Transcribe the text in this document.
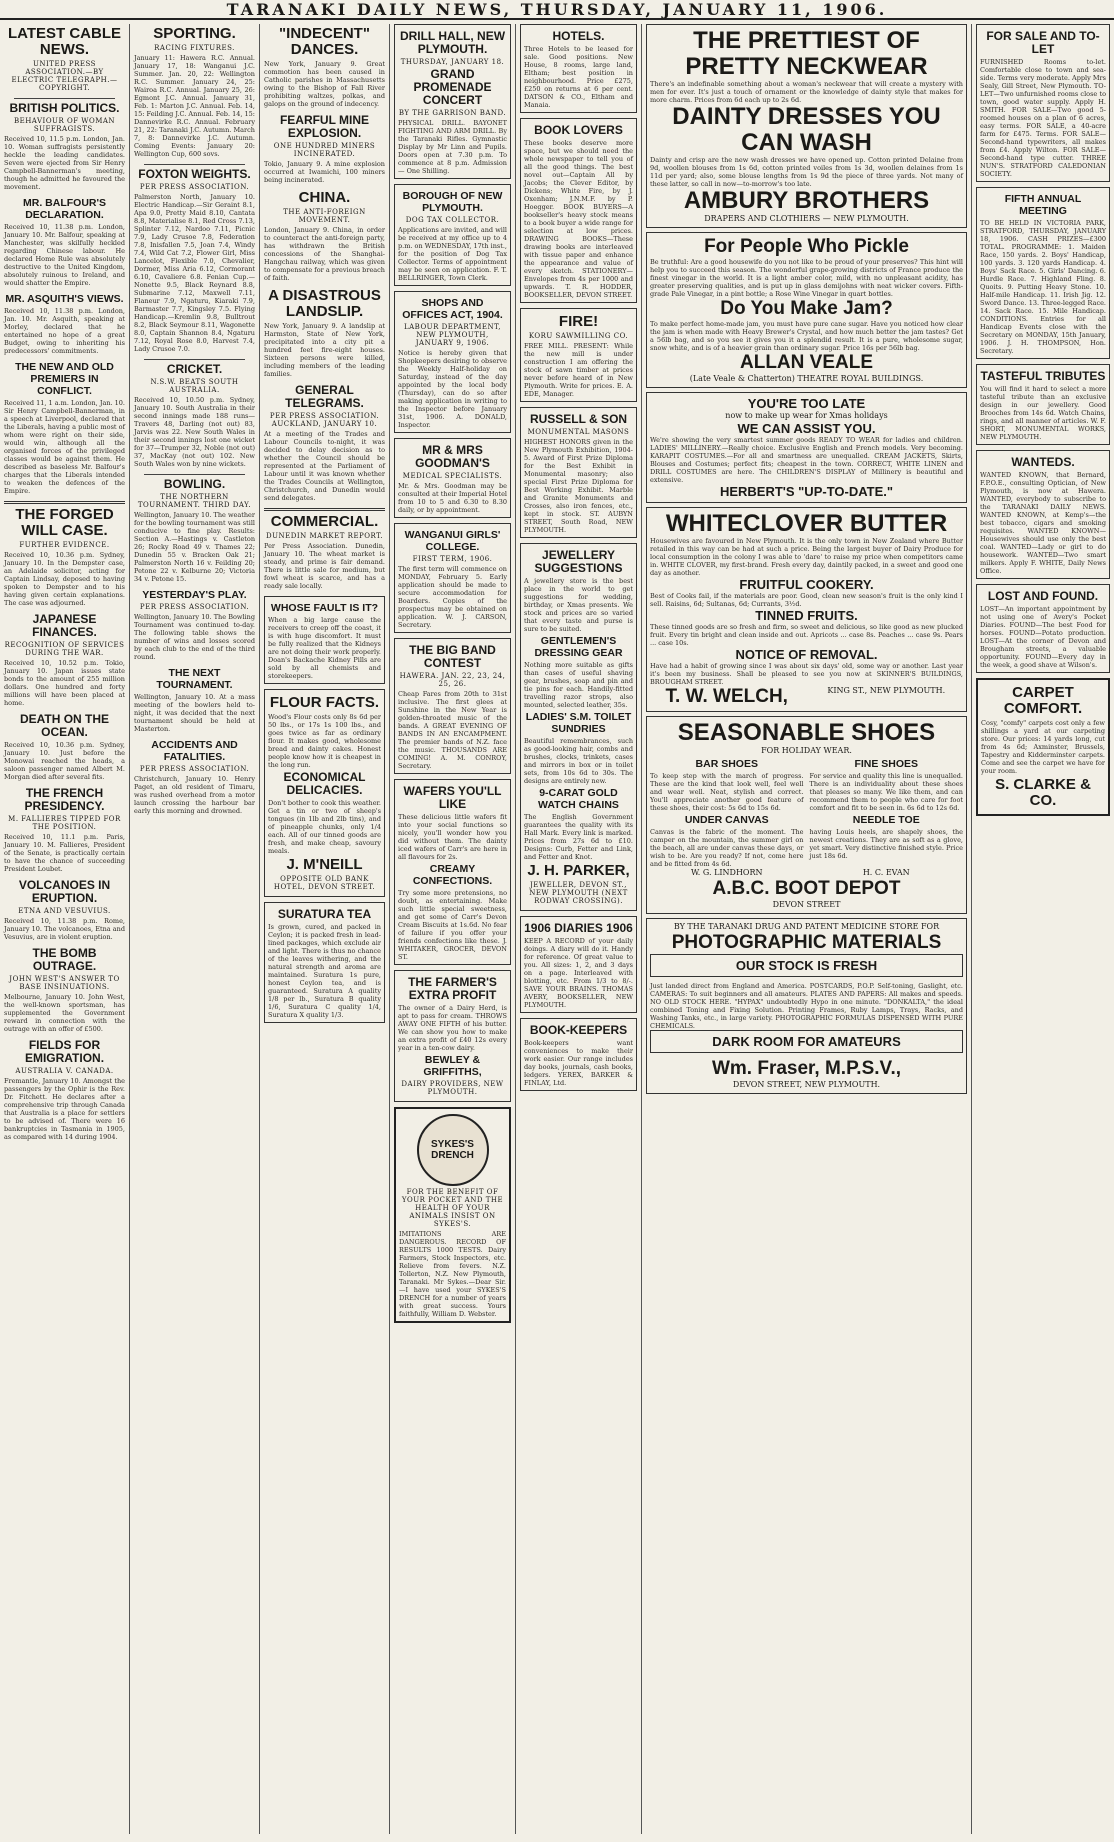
TARANAKI DAILY NEWS, THURSDAY, JANUARY 11, 1906.
LATEST CABLE NEWS.
UNITED PRESS ASSOCIATION.—BY ELECTRIC TELEGRAPH.—COPYRIGHT.
BRITISH POLITICS.
BEHAVIOUR OF WOMAN SUFFRAGISTS.
Received 10, 11.5 p.m. London, Jan. 10. Woman suffragists persistently heckle the leading candidates. Seven were ejected from Sir Henry Campbell-Bannerman's meeting, though he admitted he favoured the movement.
MR. BALFOUR'S DECLARATION.
Received 10, 11.38 p.m. London, January 10. Mr. Balfour, speaking at Manchester, was skilfully heckled regarding Chinese labour. He declared Home Rule was absolutely destructive to the United Kingdom, absolutely ruinous to Ireland, and would shatter the Empire.
MR. ASQUITH'S VIEWS.
Received 10, 11.38 p.m. London, Jan. 10. Mr. Asquith, speaking at Morley, declared that he entertained no hope of a great Budget, owing to inheriting his predecessors' commitments.
THE NEW AND OLD PREMIERS IN CONFLICT.
Received 11, 1 a.m. London, Jan. 10. Sir Henry Campbell-Bannerman, in a speech at Liverpool, declared that the Liberals, having a public most of whom were right on their side, would win, although all the organised forces of the privileged classes would be against them. He described as baseless Mr. Balfour's charges that the Liberals intended to weaken the defences of the Empire.
THE FORGED WILL CASE.
FURTHER EVIDENCE.
Received 10, 10.36 p.m. Sydney, January 10. In the Dempster case, an Adelaide solicitor, acting for Captain Lindsay, deposed to having spoken to Dempster and to his having given certain explanations. The case was adjourned.
JAPANESE FINANCES.
RECOGNITION OF SERVICES DURING THE WAR.
Received 10, 10.52 p.m. Tokio, January 10. Japan issues state bonds to the amount of 255 million dollars. One hundred and forty millions will have been placed at home.
DEATH ON THE OCEAN.
Received 10, 10.36 p.m. Sydney, January 10. Just before the Monowai reached the heads, a saloon passenger named Albert M. Morgan died after several fits.
THE FRENCH PRESIDENCY.
M. FALLIERES TIPPED FOR THE POSITION.
Received 10, 11.1 p.m. Paris, January 10. M. Fallieres, President of the Senate, is practically certain to have the chance of succeeding President Loubet.
VOLCANOES IN ERUPTION.
ETNA AND VESUVIUS.
Received 10, 11.38 p.m. Rome, January 10. The volcanoes, Etna and Vesuvius, are in violent eruption.
THE BOMB OUTRAGE.
JOHN WEST'S ANSWER TO BASE INSINUATIONS.
Melbourne, January 10. John West, the well-known sportsman, has supplemented the Government reward in connection with the outrage with an offer of £500.
FIELDS FOR EMIGRATION.
AUSTRALIA V. CANADA.
Fremantle, January 10. Amongst the passengers by the Ophir is the Rev. Dr. Fitchett. He declares after a comprehensive trip through Canada that Australia is a place for settlers to be advised of. There were 16 bankruptcies in Tasmania in 1905, as compared with 14 during 1904.
SPORTING.
RACING FIXTURES.
January 11: Hawera R.C. Annual. January 17, 18: Wanganui J.C. Summer. Jan. 20, 22: Wellington R.C. Summer. January 24, 25: Wairoa R.C. Annual. January 25, 26: Egmont J.C. Annual. January 31, Feb. 1: Marton J.C. Annual. Feb. 14, 15: Feilding J.C. Annual. Feb. 14, 15: Dannevirke R.C. Annual. February 21, 22: Taranaki J.C. Autumn. March 7, 8: Dannevirke J.C. Autumn. Coming Events: January 20: Wellington Cup, 600 sovs.
FOXTON WEIGHTS.
PER PRESS ASSOCIATION.
Palmerston North, January 10. Electric Handicap.—Sir Geraint 8.1, Apa 9.0, Pretty Maid 8.10, Cantata 8.8, Materialise 8.1, Red Cross 7.13, Splinter 7.12, Nardoo 7.11, Picnic 7.9, Lady Crusoe 7.8, Federation 7.8, Inisfallen 7.5, Joan 7.4, Windy 7.4, Wild Cat 7.2, Flower Girl, Miss Lancelot, Flexible 7.0, Chevalier, Dormer, Miss Aria 6.12, Cormorant 6.10, Cavaliere 6.8. Fenian Cup.—Nonette 9.5, Black Reynard 8.8, Submarine 7.12, Maxwell 7.11, Flaneur 7.9, Ngaturu, Kiaraki 7.9, Barmaster 7.7, Kingsley 7.5. Flying Handicap.—Kremlin 9.8, Bulltrout 8.2, Black Seymour 8.11, Wagonette 8.0, Captain Shannon 8.4, Ngaturu 7.12, Royal Rose 8.0, Harvest 7.4, Lady Crusoe 7.0.
CRICKET.
N.S.W. BEATS SOUTH AUSTRALIA.
Received 10, 10.50 p.m. Sydney, January 10. South Australia in their second innings made 188 runs—Travers 48, Darling (not out) 83, Jarvis was 22. New South Wales in their second innings lost one wicket for 37—Trumper 32, Noble (not out) 37, MacKay (not out) 102. New South Wales won by nine wickets.
BOWLING.
THE NORTHERN TOURNAMENT. THIRD DAY.
Wellington, January 10. The weather for the bowling tournament was still conducive to fine play. Results: Section A.—Hastings v. Castleton 26; Rocky Road 49 v. Thames 22; Dunedin 55 v. Bracken Oak 21; Palmerston North 16 v. Feilding 20; Petone 22 v. Kelburne 20; Victoria 34 v. Petone 15.
YESTERDAY'S PLAY.
PER PRESS ASSOCIATION.
Wellington, January 10. The Bowling Tournament was continued to-day. The following table shows the number of wins and losses scored by each club to the end of the third round.
THE NEXT TOURNAMENT.
Wellington, January 10. At a mass meeting of the bowlers held to-night, it was decided that the next tournament should be held at Masterton.
ACCIDENTS AND FATALITIES.
PER PRESS ASSOCIATION.
Christchurch, January 10. Henry Paget, an old resident of Timaru, was rushed overhead from a motor launch crossing the harbour bar early this morning and drowned.
"INDECENT" DANCES.
New York, January 9. Great commotion has been caused in Catholic parishes in Massachusetts owing to the Bishop of Fall River prohibiting waltzes, polkas, and galops on the ground of indecency.
FEARFUL MINE EXPLOSION.
ONE HUNDRED MINERS INCINERATED.
Tokio, January 9. A mine explosion occurred at Iwamichi, 100 miners being incinerated.
CHINA.
THE ANTI-FOREIGN MOVEMENT.
London, January 9. China, in order to counteract the anti-foreign party, has withdrawn the British concessions of the Shanghai-Hangchau railway, which was given to compensate for a previous breach of faith.
A DISASTROUS LANDSLIP.
New York, January 9. A landslip at Harmston, State of New York, precipitated into a city pit a hundred feet fire-eight houses. Sixteen persons were killed, including members of the leading families.
GENERAL TELEGRAMS.
PER PRESS ASSOCIATION. AUCKLAND, JANUARY 10.
At a meeting of the Trades and Labour Councils to-night, it was decided to delay decision as to whether the Council should be represented at the Parliament of Labour until it was known whether the Trades Councils at Wellington, Christchurch, and Dunedin would send delegates.
COMMERCIAL.
DUNEDIN MARKET REPORT.
Per Press Association. Dunedin, January 10. The wheat market is steady, and prime is fair demand. There is little sale for medium, but fowl wheat is scarce, and has a ready sale locally.
WHOSE FAULT IS IT?
When a big large cause the receivers to creep off the coast, it is with huge discomfort. It must be fully realized that the Kidneys are not doing their work properly. Doan's Backache Kidney Pills are sold by all chemists and storekeepers.
FLOUR FACTS.
Wood's Flour costs only 8s 6d per 50 lbs., or 17s 1s 100 lbs., and goes twice as far as ordinary flour. It makes good, wholesome bread and dainty cakes. Honest people know how it is cheapest in the long run.
ECONOMICAL DELICACIES.
Don't bother to cook this weather. Get a tin or two of sheep's tongues (in 1lb and 2lb tins), and of pineapple chunks, only 1/4 each. All of our tinned goods are fresh, and make cheap, savoury meals.
J. M'NEILL
OPPOSITE OLD BANK HOTEL, DEVON STREET.
SURATURA TEA
Is grown, cured, and packed in Ceylon; it is packed fresh in lead-lined packages, which exclude air and light. There is thus no chance of the leaves withering, and the natural strength and aroma are maintained. Suratura 1s pure, honest Ceylon tea, and is guaranteed. Suratura A quality 1/8 per lb., Suratura B quality 1/6, Suratura C quality 1/4, Suratura X quality 1/3.
DRILL HALL, NEW PLYMOUTH.
THURSDAY, JANUARY 18.
GRAND PROMENADE CONCERT
BY THE GARRISON BAND.
PHYSICAL DRILL. BAYONET FIGHTING AND ARM DRILL. By the Taranaki Rifles. Gymnastic Display by Mr Linn and Pupils. Doors open at 7.30 p.m. To commence at 8 p.m. Admission — One Shilling.
BOROUGH OF NEW PLYMOUTH.
DOG TAX COLLECTOR.
Applications are invited, and will be received at my office up to 4 p.m. on WEDNESDAY, 17th inst., for the position of Dog Tax Collector. Terms of appointment may be seen on application. F. T. BELLRINGER, Town Clerk.
SHOPS AND OFFICES ACT, 1904.
LABOUR DEPARTMENT, NEW PLYMOUTH, JANUARY 9, 1906.
Notice is hereby given that Shopkeepers desiring to observe the Weekly Half-holiday on Saturday, instead of the day appointed by the local body (Thursday), can do so after making application in writing to the Inspector before January 31st, 1906. A. DONALD, Inspector.
MR & MRS GOODMAN'S
MEDICAL SPECIALISTS.
Mr. & Mrs. Goodman may be consulted at their Imperial Hotel from 10 to 5 and 6.30 to 8.30 daily, or by appointment.
WANGANUI GIRLS' COLLEGE.
FIRST TERM, 1906.
The first term will commence on MONDAY, February 5. Early application should be made to secure accommodation for Boarders. Copies of the prospectus may be obtained on application. W. J. CARSON, Secretary.
THE BIG BAND CONTEST
HAWERA. JAN. 22, 23, 24, 25, 26.
Cheap Fares from 20th to 31st inclusive. The first glees at Sunshine in the New Year is golden-throated music of the bands. A GREAT EVENING OF BANDS IN AN ENCAMPMENT. The premier bands of N.Z. face the music. THOUSANDS ARE COMING! A. M. CONROY, Secretary.
WAFERS YOU'LL LIKE
These delicious little wafers fit into your social functions so nicely, you'll wonder how you did without them. The dainty iced wafers of Carr's are here in all flavours for 2s.
CREAMY CONFECTIONS.
Try some more pretensions, no doubt, as entertaining. Make such little special sweetness, and get some of Carr's Devon Cream Biscuits at 1s.6d. No fear of failure if you offer your friends confections like these. J. WHITAKER, GROCER, DEVON ST.
THE FARMER'S EXTRA PROFIT
The owner of a Dairy Herd, is apt to pass for cream. THROWS AWAY ONE FIFTH of his butter. We can show you how to make an extra profit of £40 12s every year in a ten-cow dairy.
BEWLEY & GRIFFITHS,
DAIRY PROVIDERS, NEW PLYMOUTH.
SYKES'S DRENCH
FOR THE BENEFIT OF YOUR POCKET AND THE HEALTH OF YOUR ANIMALS INSIST ON SYKES'S.
IMITATIONS ARE DANGEROUS. RECORD OF RESULTS 1000 TESTS. Dairy Farmers, Stock Inspectors, etc. Relieve from fevers. N.Z. Tollerton, N.Z. New Plymouth, Taranaki. Mr Sykes.—Dear Sir.—I have used your SYKES'S DRENCH for a number of years with great success. Yours faithfully, William D. Webster.
HOTELS.
Three Hotels to be leased for sale. Good positions. New House, 8 rooms, large land, Eltham; best position in neighbourhood. Price £275, £250 on returns at 6 per cent. DATSON & CO., Eltham and Manaia.
BOOK LOVERS
These books deserve more space, but we should need the whole newspaper to tell you of all the good things. The best novel out—Captain All by Jacobs; the Clever Editor, by Dickens; White Fire, by J. Oxenham; J.N.M.F. by P. Hoegger. BOOK BUYERS—A bookseller's heavy stock means to a book buyer a wide range for selection at low prices. DRAWING BOOKS—These drawing books are interleaved with tissue paper and enhance the appearance and value of every sketch. STATIONERY—Envelopes from 4s per 1000 and upwards. T. R. HODDER, BOOKSELLER, DEVON STREET.
FIRE!
KORU SAWMILLING CO.
FREE MILL. PRESENT: While the new mill is under construction I am offering the stock of sawn timber at prices never before heard of in New Plymouth. Write for prices. E. A. EDE, Manager.
RUSSELL & SON
MONUMENTAL MASONS
HIGHEST HONORS given in the New Plymouth Exhibition, 1904-5. Award of First Prize Diploma for the Best Exhibit in Monumental masonry; also special First Prize Diploma for Best Working Exhibit. Marble and Granite Monuments and Crosses, also iron fences, etc., kept in stock. ST. AUBYN STREET, South Road, NEW PLYMOUTH.
JEWELLERY SUGGESTIONS
A jewellery store is the best place in the world to get suggestions for wedding, birthday, or Xmas presents. We stock and prices are so varied that every taste and purse is sure to be suited.
GENTLEMEN'S DRESSING GEAR
Nothing more suitable as gifts than cases of useful shaving gear, brushes, soap and pin and tie pins for each. Handily-fitted travelling razor strops, also mounted, selected leather, 35s.
LADIES' S.M. TOILET SUNDRIES
Beautiful remembrances, such as good-looking hair, combs and brushes, clocks, trinkets, cases and mirrors in box or in toilet sets, from 10s 6d to 30s. The designs are entirely new.
9-CARAT GOLD WATCH CHAINS
The English Government guarantees the quality with its Hall Mark. Every link is marked. Prices from 27s 6d to £10. Designs: Curb, Fetter and Link, and Fetter and Knot.
J. H. PARKER,
JEWELLER, DEVON ST., NEW PLYMOUTH (NEXT RODWAY CROSSING).
1906 DIARIES 1906
KEEP A RECORD of your daily doings. A diary will do it. Handy for reference. Of great value to you. All sizes: 1, 2, and 3 days on a page. Interleaved with blotting, etc. From 1/3 to 8/-. SAVE YOUR BRAINS. THOMAS AVERY, BOOKSELLER, NEW PLYMOUTH.
BOOK-KEEPERS
Book-keepers want conveniences to make their work easier. Our range includes day books, journals, cash books, ledgers. YEREX, BARKER & FINLAY, Ltd.
THE PRETTIEST OF PRETTY NECKWEAR
There's an indefinable something about a woman's neckwear that will create a mystery with men for ever. It's just a touch of ornament or the knowledge of dainty style that makes for more charm. Prices from 6d each up to 2s 6d.
DAINTY DRESSES YOU CAN WASH
Dainty and crisp are the new wash dresses we have opened up. Cotton printed Delaine from 9d, woollen blouses from 1s 6d, cotton printed voiles from 1s 3d, woollen delaines from 1s 11d per yard; also, some blouse lengths from 1s 9d the piece of three yards. Not many of these latter, so call in now—to-morrow's too late.
AMBURY BROTHERS
DRAPERS AND CLOTHIERS — NEW PLYMOUTH.
For People Who Pickle
Be truthful: Are a good housewife do you not like to be proud of your preserves? This hint will help you to succeed this season. The wonderful grape-growing districts of France produce the finest vinegar in the world. It is a light amber color, mild, with no unpleasant acidity, has greater preserving qualities, and is put up in glass demijohns with neat wicker covers. Fifth-grade Pale Vinegar, in a pint bottle; a Rose Wine Vinegar in quart bottles.
Do You Make Jam?
To make perfect home-made jam, you must have pure cane sugar. Have you noticed how clear the jam is when made with Heavy Brewer's Crystal, and how much better the jam tastes? Get a 56lb bag, and so you see it gives you it a splendid result. It is a pure, wholesome sugar, snow white, and is of a heavier grain than ordinary sugar. Price 16s per 56lb bag.
ALLAN VEALE
(Late Veale & Chatterton) THEATRE ROYAL BUILDINGS.
YOU'RE TOO LATE
now to make up wear for Xmas holidays
WE CAN ASSIST YOU.
We're showing the very smartest summer goods READY TO WEAR for ladies and children. LADIES' MILLINERY.—Really choice. Exclusive English and French models. Very becoming. KARAPIT COSTUMES.—For all and smartness are unequalled. CREAM JACKETS, Skirts, Blouses and Costumes; perfect fits; cheapest in the town. CORRECT, WHITE LINEN and DRILL COSTUMES are here. The CHILDREN'S DISPLAY of Millinery is beautiful and extensive.
HERBERT'S "UP-TO-DATE."
WHITECLOVER BUTTER
Housewives are favoured in New Plymouth. It is the only town in New Zealand where Butter retailed in this way can be had at such a price. Being the largest buyer of Dairy Produce for local consumption in the colony I was able to 'dare' to raise my price when competitors came in. WHITE CLOVER, my first-brand. Fresh every day, daintily packed, in a sweet and good one day as another.
FRUITFUL COOKERY.
Best of Cooks fail, if the materials are poor. Good, clean new season's fruit is the only kind I sell. Raisins, 6d; Sultanas, 6d; Currants, 3½d.
TINNED FRUITS.
These tinned goods are so fresh and firm, so sweet and delicious, so like good as new plucked fruit. Every tin bright and clean inside and out. Apricots ... case 8s. Peaches ... case 9s. Pears ... case 10s.
NOTICE OF REMOVAL.
Have had a habit of growing since I was about six days' old, some way or another. Last year it's been my business. Shall be pleased to see you now at SKINNER'S BUILDINGS, BROUGHAM STREET.
T. W. WELCH,	KING ST., NEW PLYMOUTH.
SEASONABLE SHOES
FOR HOLIDAY WEAR.
BAR SHOES
To keep step with the march of progress. These are the kind that look well, feel well and wear well. Neat, stylish and correct. You'll appreciate another good feature of these shoes, their cost: 5s 6d to 15s 6d.
UNDER CANVAS
Canvas is the fabric of the moment. The camper on the mountain, the summer girl on the beach, all are under canvas these days, or wish to be. Are you ready? If not, come here and be fitted from 4s 6d.
FINE SHOES
For service and quality this line is unequalled. There is an individuality about these shoes that pleases so many. We like them, and can recommend them to people who care for foot comfort and fit to be seen in. 6s 6d to 12s 6d.
NEEDLE TOE
having Louis heels, are shapely shoes, the newest creations. They are as soft as a glove, yet smart. Very distinctive finished style. Price just 18s 6d.
W. G. LINDHORN	H. C. EVAN
A.B.C. BOOT DEPOT
DEVON STREET
BY THE TARANAKI DRUG AND PATENT MEDICINE STORE FOR
PHOTOGRAPHIC MATERIALS
OUR STOCK IS FRESH
Just landed direct from England and America. POSTCARDS, P.O.P. Self-toning, Gaslight, etc. CAMERAS: To suit beginners and all amateurs. PLATES AND PAPERS: All makes and speeds. NO OLD STOCK HERE. "HYPAX" undoubtedly Hypo in one minute. "DONKALTA," the ideal combined Toning and Fixing Solution. Printing Frames, Ruby Lamps, Trays, Racks, and Washing Tanks, etc., in large variety. PHOTOGRAPHIC FORMULAS DISPENSED WITH PURE CHEMICALS.
DARK ROOM FOR AMATEURS
Wm. Fraser, M.P.S.V.,
DEVON STREET, NEW PLYMOUTH.
FOR SALE AND TO-LET
FURNISHED Rooms to-let. Comfortable close to town and sea-side. Terms very moderate. Apply Mrs Sealy, Gill Street, New Plymouth. TO-LET—Two unfurnished rooms close to town, good water supply. Apply H. SMITH. FOR SALE—Two good 5-roomed houses on a plan of 6 acres, easy terms. FOR SALE, a 40-acre farm for £475. Terms. FOR SALE—Second-hand typewriters, all makes from £4. Apply Wilton. FOR SALE—Second-hand type cutter. THREE NUN'S. STRATFORD CALEDONIAN SOCIETY.
FIFTH ANNUAL MEETING
TO BE HELD IN VICTORIA PARK, STRATFORD, THURSDAY, JANUARY 18, 1906. CASH PRIZES—£300 TOTAL. PROGRAMME: 1. Maiden Race, 150 yards. 2. Boys' Handicap, 100 yards. 3. 120 yards Handicap. 4. Boys' Sack Race. 5. Girls' Dancing. 6. Hurdle Race. 7. Highland Fling. 8. Quoits. 9. Putting Heavy Stone. 10. Half-mile Handicap. 11. Irish Jig. 12. Sword Dance. 13. Three-legged Race. 14. Sack Race. 15. Mile Handicap. CONDITIONS. Entries for all Handicap Events close with the Secretary on MONDAY, 15th January, 1906. J. H. THOMPSON, Hon. Secretary.
TASTEFUL TRIBUTES
You will find it hard to select a more tasteful tribute than an exclusive design in our jewellery. Good Brooches from 14s 6d. Watch Chains, rings, and all manner of articles. W. F. SHORT, MONUMENTAL WORKS, NEW PLYMOUTH.
WANTEDS.
WANTED KNOWN, that Bernard, F.P.O.E., consulting Optician, of New Plymouth, is now at Hawera. WANTED, everybody to subscribe to the TARANAKI DAILY NEWS. WANTED KNOWN, at Kemp's—the best tobacco, cigars and smoking requisites. WANTED KNOWN—Housewives should use only the best coal. WANTED—Lady or girl to do housework. WANTED—Two smart milkers. Apply F. WHITE, Daily News Office.
LOST AND FOUND.
LOST—An important appointment by not using one of Avery's Pocket Diaries. FOUND—The best Food for horses. FOUND—Potato production. LOST—At the corner of Devon and Brougham streets, a valuable opportunity. FOUND—Every day in the week, a good shave at Wilson's.
CARPET COMFORT.
Cosy, "comfy" carpets cost only a few shillings a yard at our carpeting store. Our prices: 14 yards long, cut from 4s 6d; Axminster, Brussels, Tapestry and Kidderminster carpets. Come and see the carpet we have for your room.
S. CLARKE & CO.
